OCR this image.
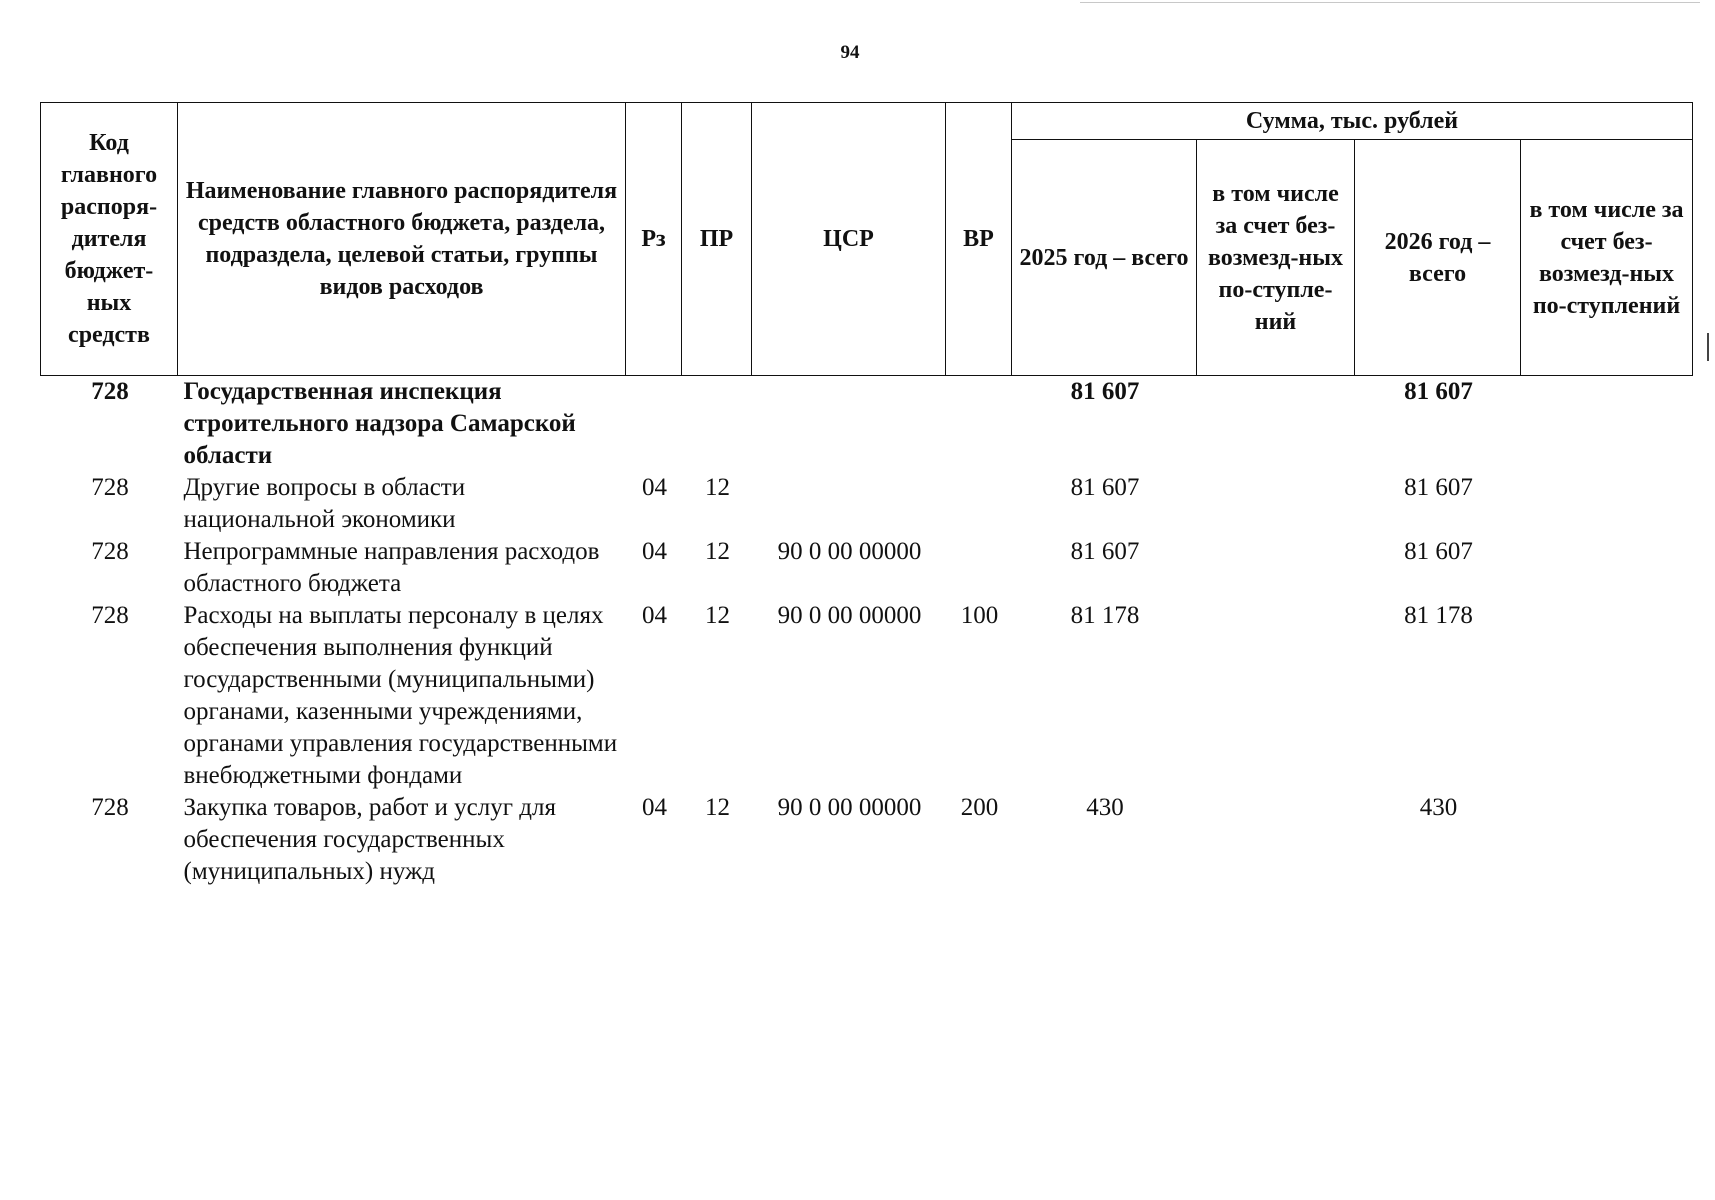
94
Код главного распоря-дителя бюджет-ных средств	Наименование главного распорядителя средств областного бюджета, раздела, подраздела, целевой статьи, группы видов расходов	Рз	ПР	ЦСР	ВР	Сумма, тыс. рублей			
						2025 год – всего	в том числе за счет без-возмезд-ных по-ступле-ний	2026 год – всего	в том числе за счет без-возмезд-ных по-ступлений
728	Государственная инспекция строительного надзора Самарской области					81 607		81 607	
728	Другие вопросы в области национальной экономики	04	12			81 607		81 607	
728	Непрограммные направления расходов областного бюджета	04	12	90 0 00 00000		81 607		81 607	
728	Расходы на выплаты персоналу в целях обеспечения выполнения функций государственными (муниципальными) органами, казенными учреждениями, органами управления государственными внебюджетными фондами	04	12	90 0 00 00000	100	81 178		81 178	
728	Закупка товаров, работ и услуг для обеспечения государственных (муниципальных) нужд	04	12	90 0 00 00000	200	430		430	
